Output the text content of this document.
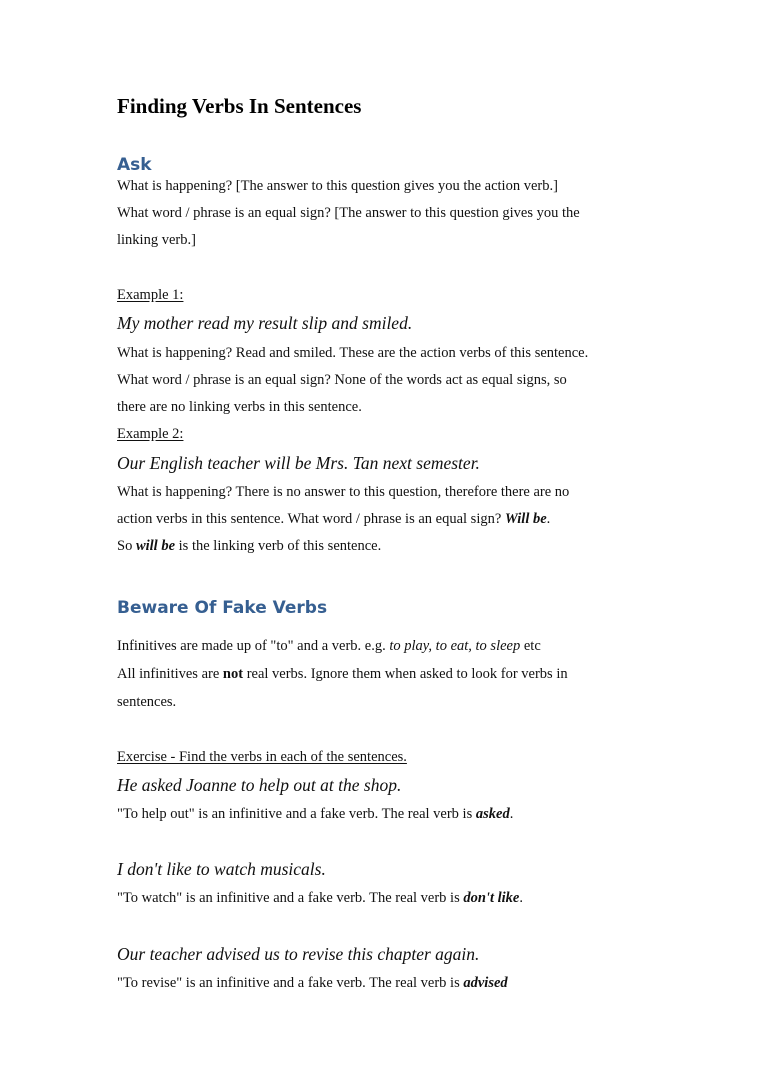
Finding Verbs In Sentences
Ask
What is happening? [The answer to this question gives you the action verb.]
What word / phrase is an equal sign? [The answer to this question gives you the
linking verb.]
Example 1:
My mother read my result slip and smiled.
What is happening? Read and smiled. These are the action verbs of this sentence.
What word / phrase is an equal sign? None of the words act as equal signs, so
there are no linking verbs in this sentence.
Example 2:
Our English teacher will be Mrs. Tan next semester.
What is happening? There is no answer to this question, therefore there are no
action verbs in this sentence. What word / phrase is an equal sign? Will be.
So will be is the linking verb of this sentence.
Beware Of Fake Verbs
Infinitives are made up of "to" and a verb. e.g. to play, to eat, to sleep etc
All infinitives are not real verbs. Ignore them when asked to look for verbs in
sentences.
Exercise - Find the verbs in each of the sentences.
He asked Joanne to help out at the shop.
"To help out" is an infinitive and a fake verb. The real verb is asked.
I don't like to watch musicals.
"To watch" is an infinitive and a fake verb. The real verb is don't like.
Our teacher advised us to revise this chapter again.
"To revise" is an infinitive and a fake verb. The real verb is advised
